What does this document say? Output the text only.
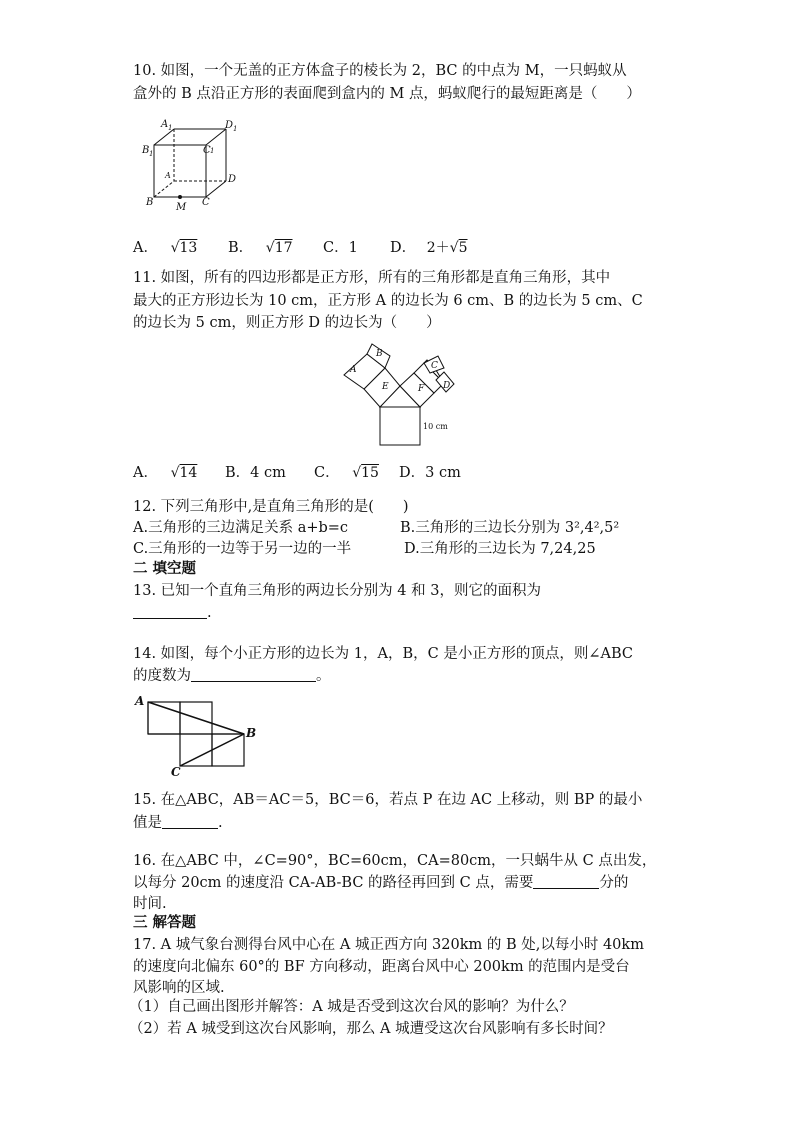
10. 如图，一个无盖的正方体盒子的棱长为 2，BC 的中点为 M，一只蚂蚁从
盒外的 B 点沿正方形的表面爬到盒内的 M 点，蚂蚁爬行的最短距离是（　　）
A 1	D 1
B 1	C 1
A	D
B M C
A． √13 B． √17 C．1 D． 2＋√5
11. 如图，所有的四边形都是正方形，所有的三角形都是直角三角形，其中
最大的正方形边长为 10 cm，正方形 A 的边长为 6 cm、B 的边长为 5 cm、C
的边长为 5 cm，则正方形 D 的边长为（　　）
A
B
E
C
F D
10 cm
A． √14 B．4 cm C． √15 D．3 cm
12. 下列三角形中,是直角三角形的是(　　)
A.三角形的三边满足关系 a+b=c	B.三角形的三边长分别为 3²,4²,5²
C.三角形的一边等于另一边的一半	D.三角形的三边长为 7,24,25
二 填空题
13. 已知一个直角三角形的两边长分别为 4 和 3，则它的面积为
.
14. 如图，每个小正方形的边长为 1，A，B，C 是小正方形的顶点，则∠ABC
的度数为	。
A
B
C
15. 在△ABC，AB＝AC＝5，BC＝6，若点 P 在边 AC 上移动，则 BP 的最小
值是	.
16. 在△ABC 中，∠C=90°，BC=60cm，CA=80cm，一只蜗牛从 C 点出发，
以每分 20cm 的速度沿 CA-AB-BC 的路径再回到 C 点，需要	分的
时间.
三 解答题
17. A 城气象台测得台风中心在 A 城正西方向 320km 的 B 处,以每小时 40km
的速度向北偏东 60°的 BF 方向移动，距离台风中心 200km 的范围内是受台
风影响的区域.
（1）自己画出图形并解答：A 城是否受到这次台风的影响？为什么？
（2）若 A 城受到这次台风影响，那么 A 城遭受这次台风影响有多长时间？
